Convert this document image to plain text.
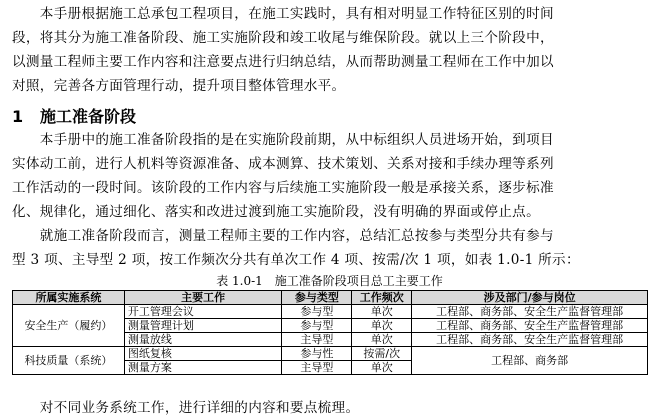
　　本手册根据施工总承包工程项目，在施工实践时，具有相对明显工作特征区别的时间
段，将其分为施工准备阶段、施工实施阶段和竣工收尾与维保阶段。就以上三个阶段中，
以测量工程师主要工作内容和注意要点进行归纳总结，从而帮助测量工程师在工作中加以
对照，完善各方面管理行动，提升项目整体管理水平。
1 施工准备阶段
　　本手册中的施工准备阶段指的是在实施阶段前期，从中标组织人员进场开始，到项目
实体动工前，进行人机料等资源准备、成本测算、技术策划、关系对接和手续办理等系列
工作活动的一段时间。该阶段的工作内容与后续施工实施阶段一般是承接关系，逐步标准
化、规律化，通过细化、落实和改进过渡到施工实施阶段，没有明确的界面或停止点。
　　就施工准备阶段而言，测量工程师主要的工作内容，总结汇总按参与类型分共有参与
型 3 项、主导型 2 项，按工作频次分共有单次工作 4 项、按需/次 1 项，如表 1.0-1 所示：
表 1.0-1　施工准备阶段项目总工主要工作
所属实施系统	主要工作	参与类型	工作频次	涉及部门/参与岗位
安全生产（履约）	开工管理会议	参与型	单次	工程部、商务部、安全生产监督管理部
	测量管理计划	参与型	单次	工程部、商务部、安全生产监督管理部
	测量放线	主导型	单次	工程部、商务部、安全生产监督管理部
科技质量（系统）	图纸复核	参与性	按需/次	工程部、商务部
	测量方案	主导型	单次	
　　对不同业务系统工作，进行详细的内容和要点梳理。
